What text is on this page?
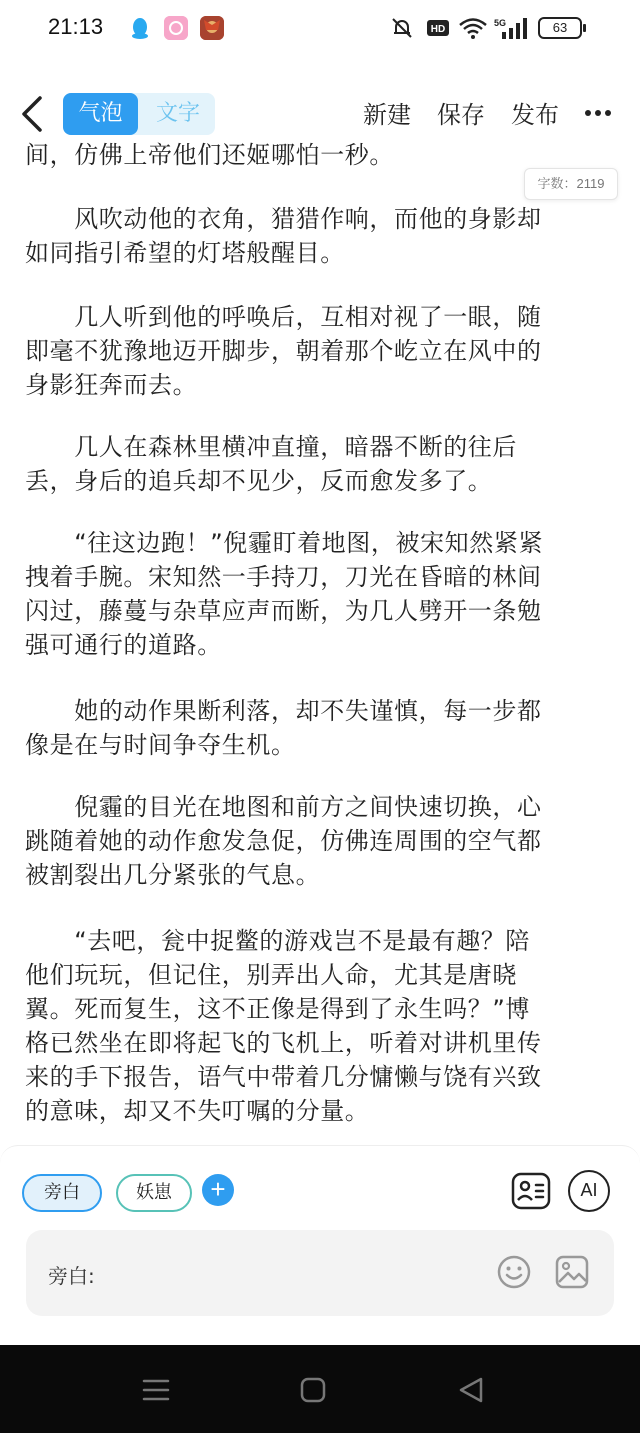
21:13	HD
5G	63
气泡	文字	新建 保存 发布
间，仿佛上帝他们还姬哪怕一秒。
　　风吹动他的衣角，猎猎作响，而他的身影却
如同指引希望的灯塔般醒目。
　　几人听到他的呼唤后，互相对视了一眼，随
即毫不犹豫地迈开脚步，朝着那个屹立在风中的
身影狂奔而去。
　　几人在森林里横冲直撞，暗器不断的往后
丢，身后的追兵却不见少，反而愈发多了。
　　“往这边跑！”倪霾盯着地图，被宋知然紧紧
拽着手腕。宋知然一手持刀，刀光在昏暗的林间
闪过，藤蔓与杂草应声而断，为几人劈开一条勉
强可通行的道路。
　　她的动作果断利落，却不失谨慎，每一步都
像是在与时间争夺生机。
　　倪霾的目光在地图和前方之间快速切换，心
跳随着她的动作愈发急促，仿佛连周围的空气都
被割裂出几分紧张的气息。
　　“去吧，瓮中捉鳖的游戏岂不是最有趣？陪
他们玩玩，但记住，别弄出人命，尤其是唐晓
翼。死而复生，这不正像是得到了永生吗？”博
格已然坐在即将起飞的飞机上，听着对讲机里传
来的手下报告，语气中带着几分慵懒与饶有兴致
的意味，却又不失叮嘱的分量。
字数：2119
旁白	妖崽	+	AI
旁白:
